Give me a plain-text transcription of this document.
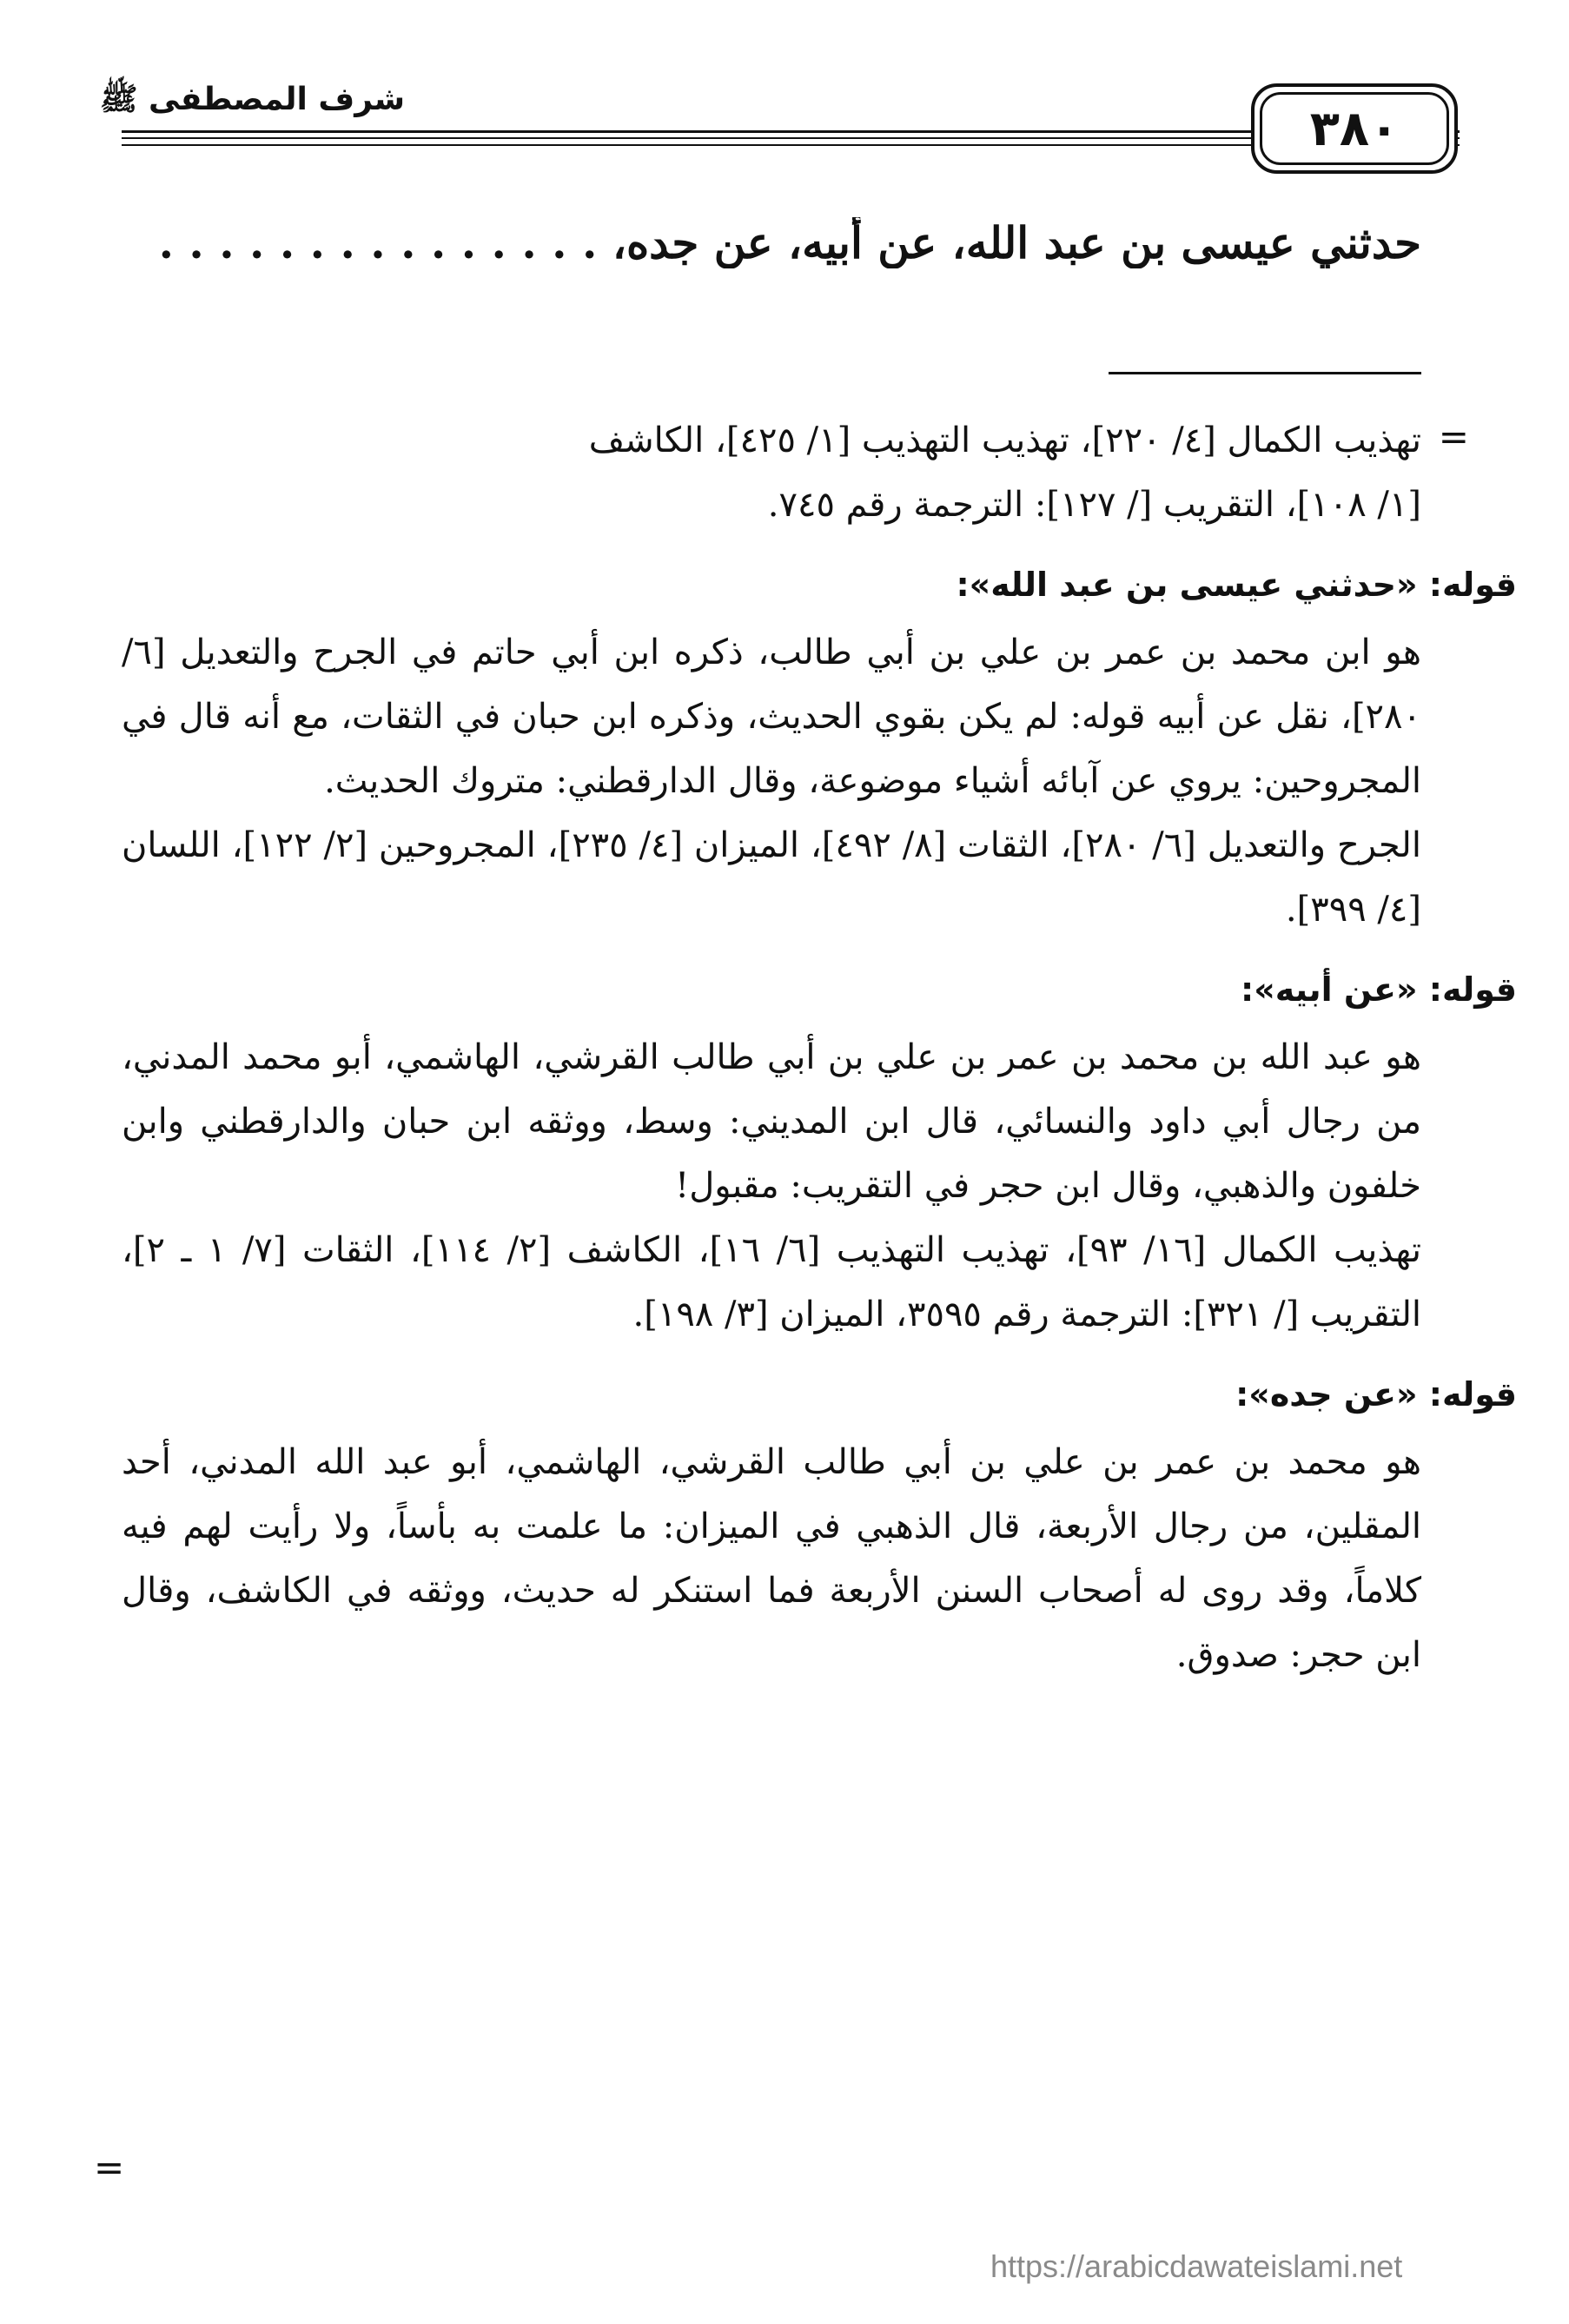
شرف المصطفى ﷺ
٣٨٠
حدثني عيسى بن عبد الله، عن أبيه، عن جده، . . . . . . . . . . . . . . .
=

تهذيب الكمال [٤/ ٢٢٠]، تهذيب التهذيب [١/ ٤٢٥]، الكاشف

[١/ ١٠٨]، التقريب [/ ١٢٧]: الترجمة رقم ٧٤٥.

قوله: «حدثني عيسى بن عبد الله»:

هو ابن محمد بن عمر بن علي بن أبي طالب، ذكره ابن أبي حاتم في الجرح والتعديل [٦/ ٢٨٠]، نقل عن أبيه قوله: لم يكن بقوي الحديث، وذكره ابن حبان في الثقات، مع أنه قال في المجروحين: يروي عن آبائه أشياء موضوعة، وقال الدارقطني: متروك الحديث.

الجرح والتعديل [٦/ ٢٨٠]، الثقات [٨/ ٤٩٢]، الميزان [٤/ ٢٣٥]، المجروحين [٢/ ١٢٢]، اللسان [٤/ ٣٩٩].

قوله: «عن أبيه»:

هو عبد الله بن محمد بن عمر بن علي بن أبي طالب القرشي، الهاشمي، أبو محمد المدني، من رجال أبي داود والنسائي، قال ابن المديني: وسط، ووثقه ابن حبان والدارقطني وابن خلفون والذهبي، وقال ابن حجر في التقريب: مقبول!

تهذيب الكمال [١٦/ ٩٣]، تهذيب التهذيب [٦/ ١٦]، الكاشف [٢/ ١١٤]، الثقات [٧/ ١ ـ ٢]، التقريب [/ ٣٢١]: الترجمة رقم ٣٥٩٥، الميزان [٣/ ١٩٨].

قوله: «عن جده»:

هو محمد بن عمر بن علي بن أبي طالب القرشي، الهاشمي، أبو عبد الله المدني، أحد المقلين، من رجال الأربعة، قال الذهبي في الميزان: ما علمت به بأساً، ولا رأيت لهم فيه كلاماً، وقد روى له أصحاب السنن الأربعة فما استنكر له حديث، ووثقه في الكاشف، وقال ابن حجر: صدوق.

=
https://arabicdawateislami.net
